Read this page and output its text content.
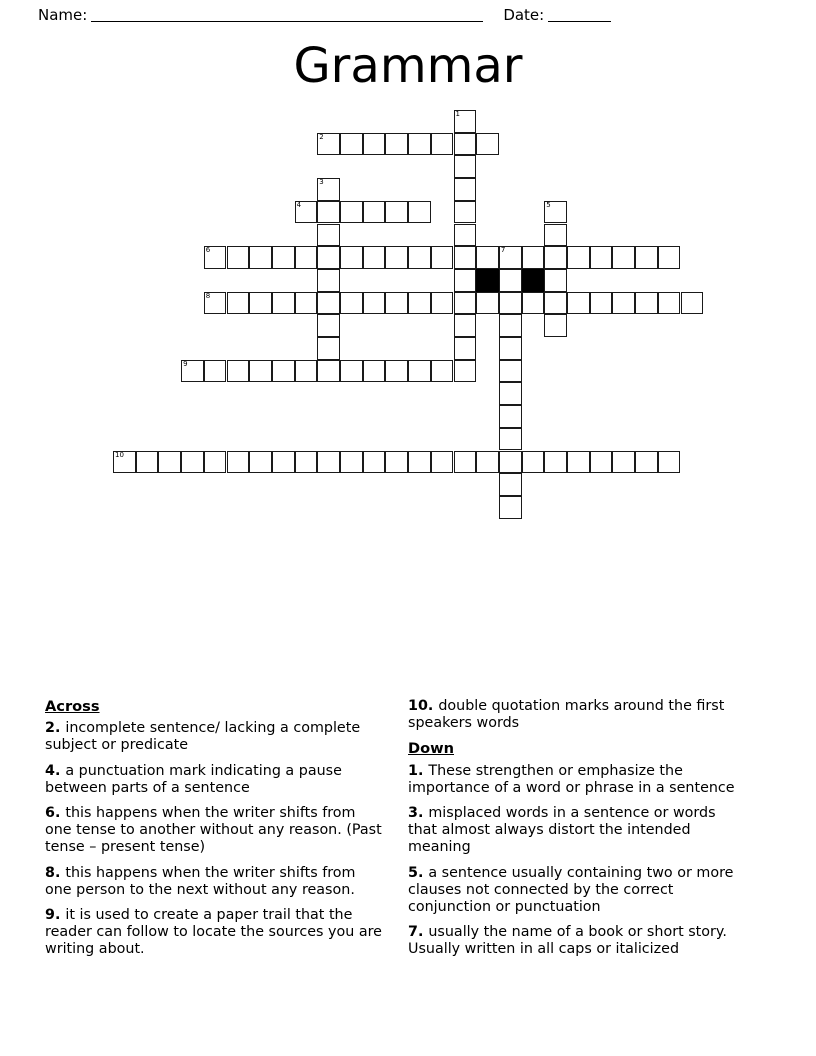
Name:	Date:
Grammar
1
2
3
4	5
6	7
8
9
10
Across
2. incomplete sentence/ lacking a complete subject or predicate
4. a punctuation mark indicating a pause between parts of a sentence
6. this happens when the writer shifts from one tense to another without any reason. (Past tense – present tense)
8. this happens when the writer shifts from one person to the next without any reason.
9. it is used to create a paper trail that the reader can follow to locate the sources you are writing about.
10. double quotation marks around the first speakers words
Down
1. These strengthen or emphasize the importance of a word or phrase in a sentence
3. misplaced words in a sentence or words that almost always distort the intended meaning
5. a sentence usually containing two or more clauses not connected by the correct conjunction or punctuation
7. usually the name of a book or short story. Usually written in all caps or italicized
